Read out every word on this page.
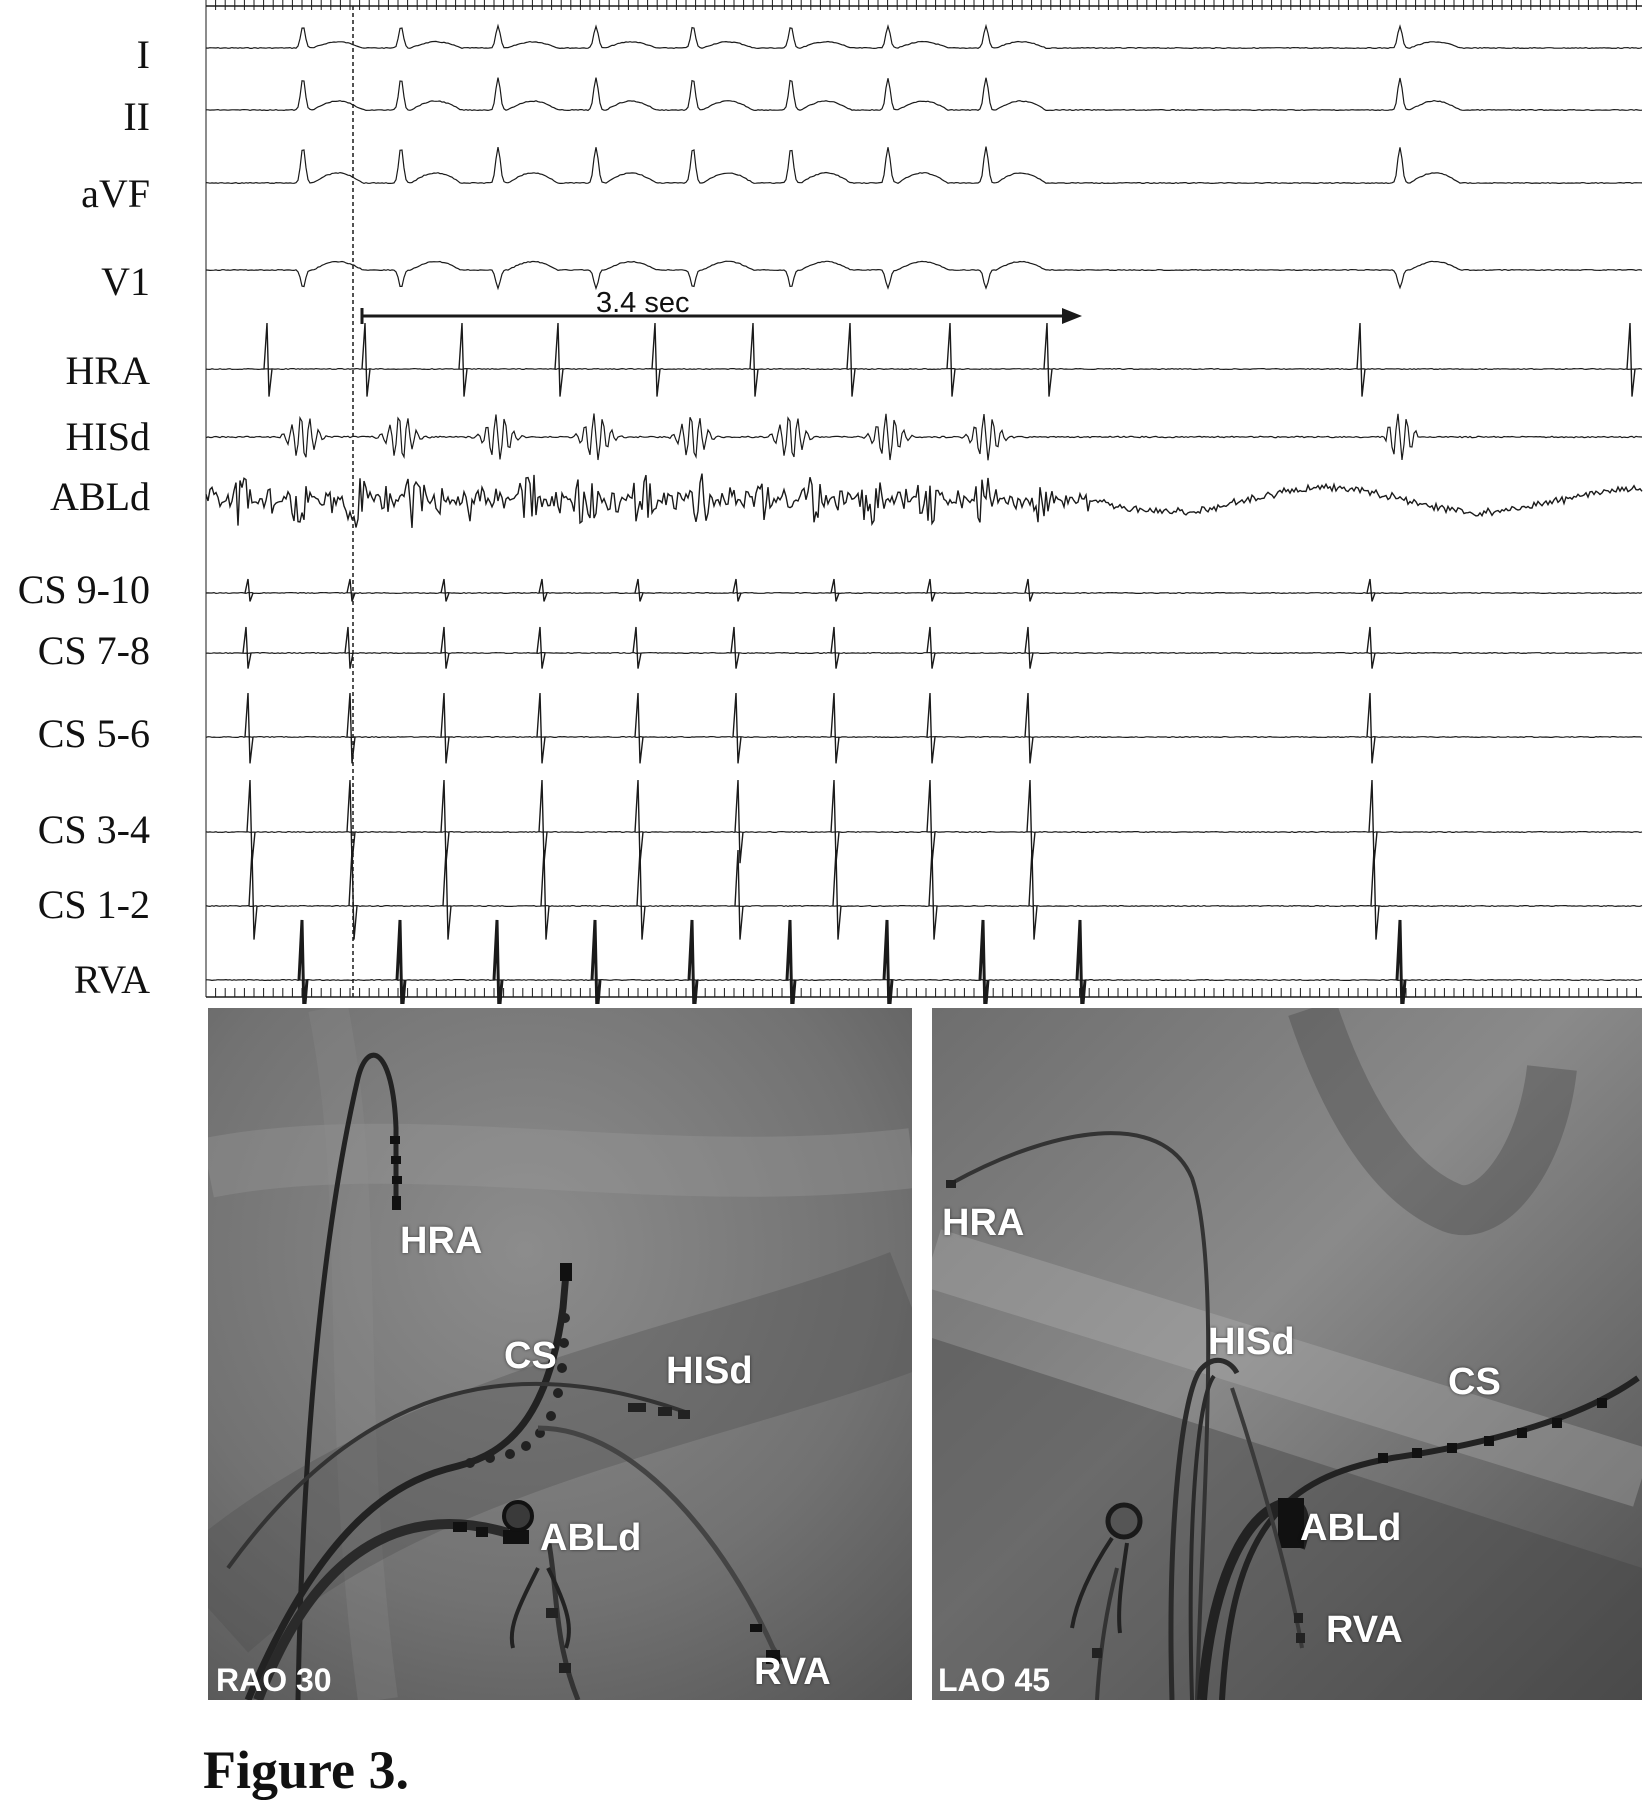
I
II
aVF
V1
HRA
HISd
ABLd
CS 9-10
CS 7-8
CS 5-6
CS 3-4
CS 1-2
RVA
3.4 sec
HRA
CS	HISd
ABLd
RVA
RAO 30
HRA
HISd
CS
ABLd
RVA
LAO 45
Figure 3.
